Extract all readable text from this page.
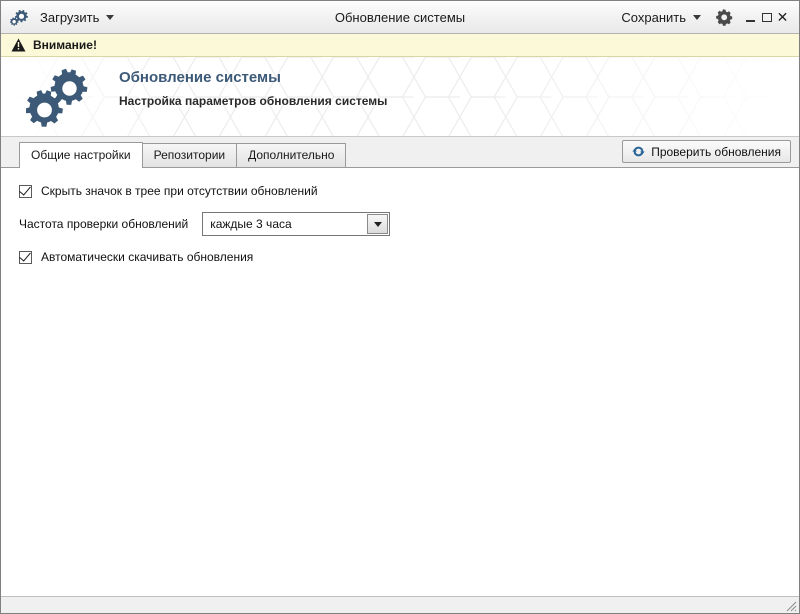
Загрузить	Обновление системы	Сохранить	✕
Внимание!
Обновление системы
Настройка параметров обновления системы
Общие настройки	Репозитории	Дополнительно	Проверить обновления
Скрыть значок в трее при отсутствии обновлений
Частота проверки обновлений каждые 3 часа
Автоматически скачивать обновления
